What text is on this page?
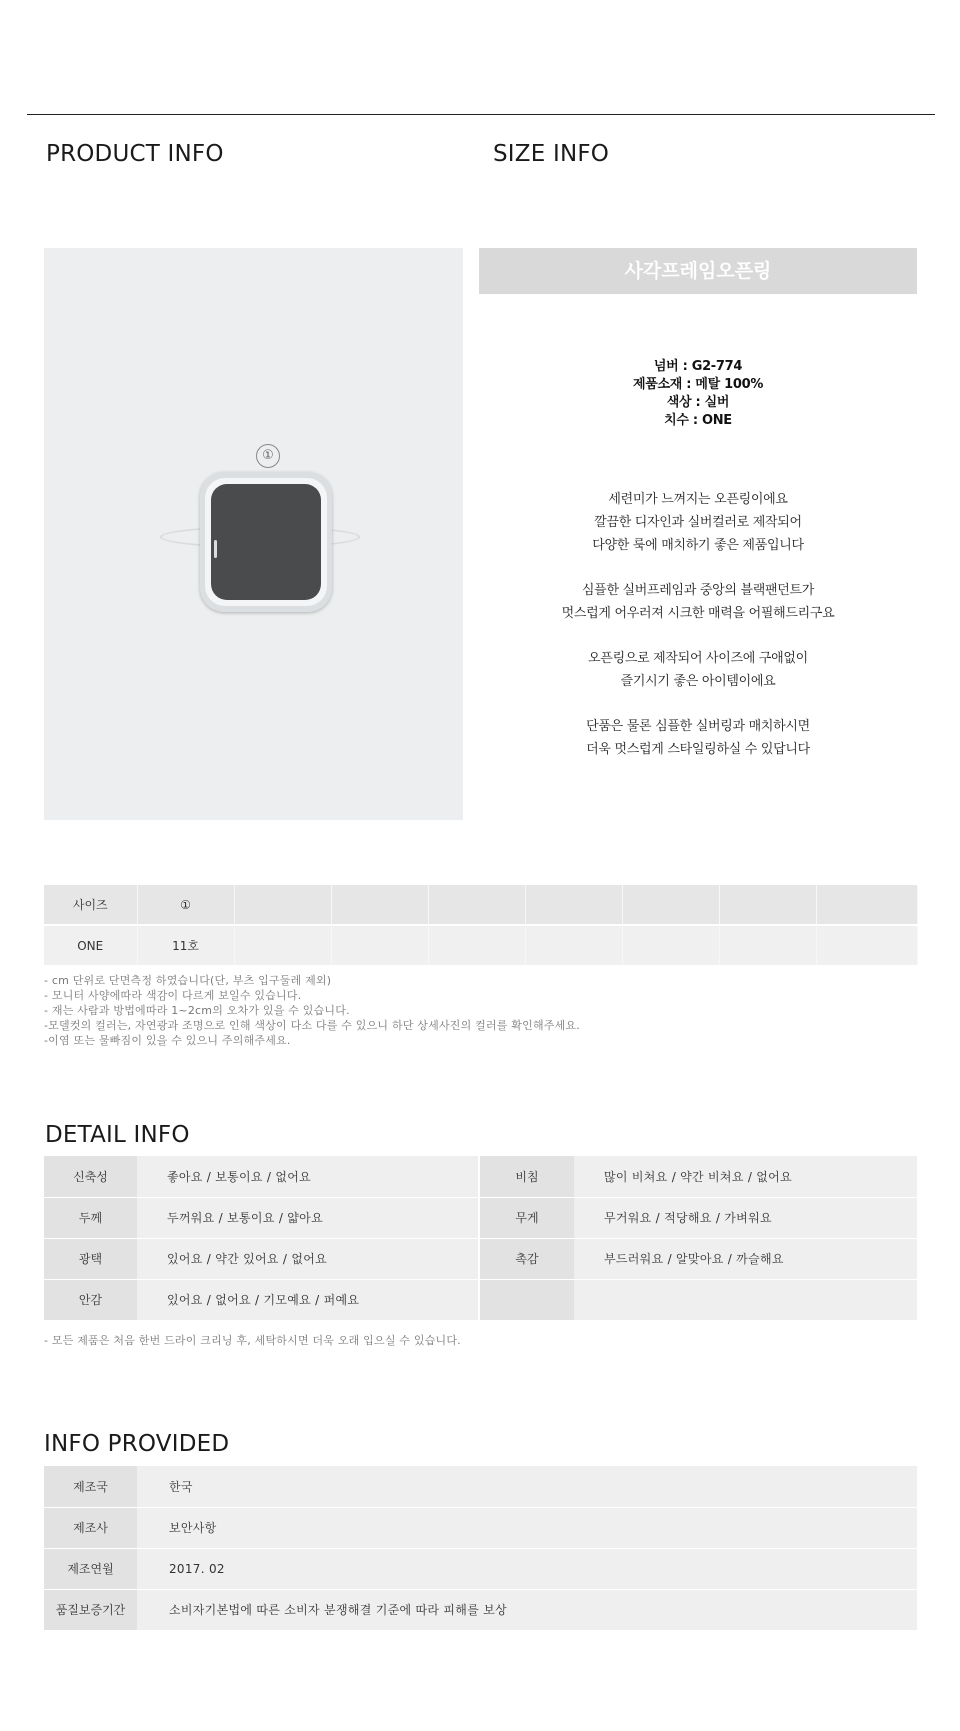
PRODUCT INFO	SIZE INFO
①
사각프레임오픈링
넘버 : G2-774
제품소재 : 메탈 100%
색상 : 실버
치수 : ONE
세련미가 느껴지는 오픈링이에요
깔끔한 디자인과 실버컬러로 제작되어
다양한 룩에 매치하기 좋은 제품입니다
심플한 실버프레임과 중앙의 블랙팬던트가
멋스럽게 어우러져 시크한 매력을 어필해드리구요
오픈링으로 제작되어 사이즈에 구애없이
즐기시기 좋은 아이템이에요
단품은 물론 심플한 실버링과 매치하시면
더욱 멋스럽게 스타일링하실 수 있답니다
사이즈	①							
ONE	11호							
- cm 단위로 단면측정 하였습니다(단, 부츠 입구둘레 제외)
- 모니터 사양에따라 색감이 다르게 보일수 있습니다.
- 재는 사람과 방법에따라 1~2cm의 오차가 있을 수 있습니다.
-모델컷의 컬러는, 자연광과 조명으로 인해 색상이 다소 다를 수 있으니 하단 상세사진의 컬러를 확인해주세요.
-이염 또는 물빠짐이 있을 수 있으니 주의해주세요.
DETAIL INFO
신축성	좋아요 / 보통이요 / 없어요	비침	많이 비쳐요 / 약간 비쳐요 / 없어요
두께	두꺼워요 / 보통이요 / 얇아요	무게	무거워요 / 적당해요 / 가벼워요
광택	있어요 / 약간 있어요 / 없어요	촉감	부드러워요 / 알맞아요 / 까슬해요
안감	있어요 / 없어요 / 기모예요 / 퍼예요		
- 모든 제품은 처음 한번 드라이 크리닝 후, 세탁하시면 더욱 오래 입으실 수 있습니다.
INFO PROVIDED
제조국	한국
제조사	보안사항
제조연월	2017. 02
품질보증기간	소비자기본법에 따른 소비자 분쟁해결 기준에 따라 피해를 보상
